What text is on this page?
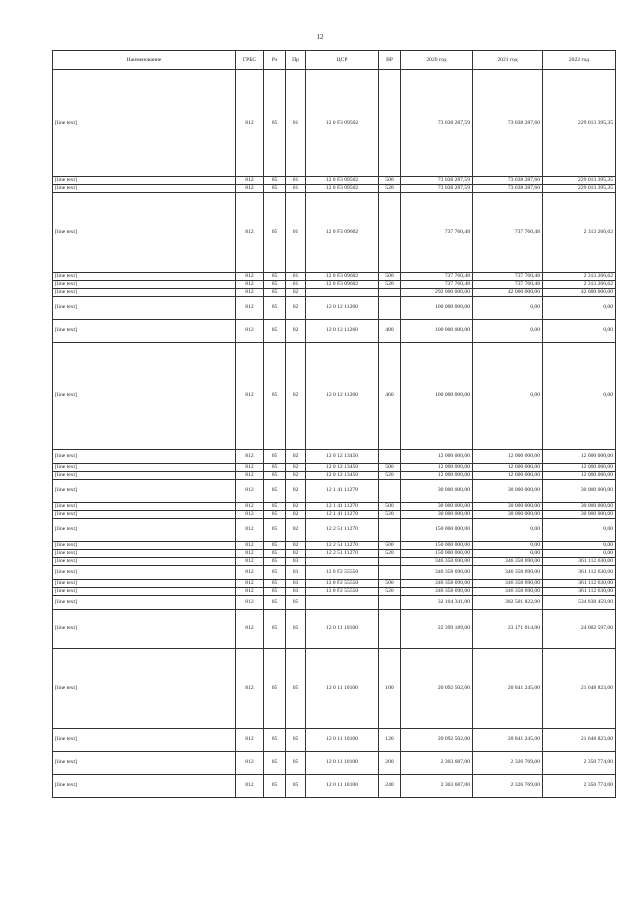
12
Наименование	ГРБС	Рз	Пр	ЦСР	ВР	2020 год	2021 год	2022 год
[line text]	812	05	01	12 0 F3 09502		73 038 287,59	73 038 287,60	229 013 395,35
[line text]	812	05	01	12 0 F3 09502	500	73 038 287,59	73 038 287,60	229 013 395,35
[line text]	812	05	01	12 0 F3 09502	520	73 038 287,59	73 038 287,60	229 013 395,35
[line text]	812	05	01	12 0 F3 09602		737 760,48	737 760,48	2 313 266,62
[line text]	812	05	01	12 0 F3 09602	500	737 760,48	737 760,48	2 313 266,62
[line text]	812	05	01	12 0 F3 09602	520	737 760,48	737 760,48	2 313 266,62
[line text]	812	05	02			292 000 000,00	42 000 000,00	42 000 000,00
[line text]	812	05	02	12 0 12 11260		100 000 000,00	0,00	0,00
[line text]	812	05	02	12 0 12 11260	400	100 000 000,00	0,00	0,00
[line text]	812	05	02	12 0 12 11260	460	100 000 000,00	0,00	0,00
[line text]	812	05	02	12 0 12 13450		12 000 000,00	12 000 000,00	12 000 000,00
[line text]	812	05	02	12 0 12 13450	500	12 000 000,00	12 000 000,00	12 000 000,00
[line text]	812	05	02	12 0 12 13450	520	12 000 000,00	12 000 000,00	12 000 000,00
[line text]	812	05	02	12 1 41 11270		30 000 000,00	30 000 000,00	30 000 000,00
[line text]	812	05	02	12 1 41 11270	500	30 000 000,00	30 000 000,00	30 000 000,00
[line text]	812	05	02	12 1 41 11270	520	30 000 000,00	30 000 000,00	30 000 000,00
[line text]	812	05	02	12 2 51 11270		150 000 000,00	0,00	0,00
[line text]	812	05	02	12 2 51 11270	500	150 000 000,00	0,00	0,00
[line text]	812	05	02	12 2 51 11270	520	150 000 000,00	0,00	0,00
[line text]	812	05	03			346 358 690,00	346 358 690,00	361 112 630,00
[line text]	812	05	03	13 0 F2 55550		346 358 690,00	346 358 690,00	361 112 630,00
[line text]	812	05	03	13 0 F2 55550	500	346 358 690,00	346 358 690,00	361 112 630,00
[line text]	812	05	03	13 0 F2 55550	520	346 358 690,00	346 358 690,00	361 112 630,00
[line text]	812	05	05			32 104 341,00	382 501 822,00	534 838 459,00
[line text]	812	05	05	12 0 11 10100		22 399 189,00	23 171 014,00	24 002 597,00
[line text]	812	05	05	12 0 11 10100	100	20 092 502,00	20 841 245,00	21 648 823,00
[line text]	812	05	05	12 0 11 10100	120	20 092 502,00	20 841 245,00	21 648 823,00
[line text]	812	05	05	12 0 11 10100	200	2 303 687,00	2 326 769,00	2 350 774,00
[line text]	812	05	05	12 0 11 10100	240	2 303 687,00	2 326 769,00	2 350 774,00
